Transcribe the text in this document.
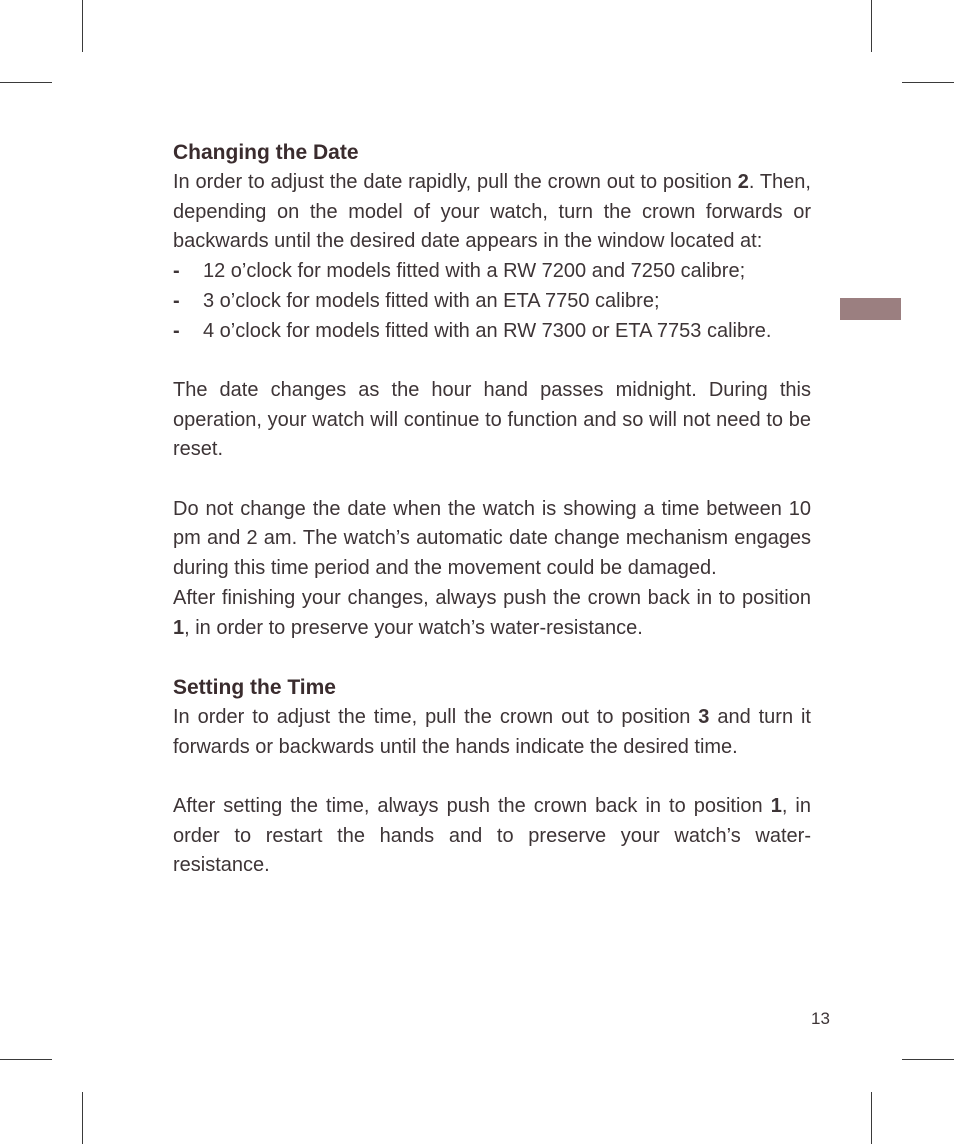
Changing the Date

In order to adjust the date rapidly, pull the crown out to position 2. Then, depending on the model of your watch, turn the crown forwards or backwards until the desired date appears in the window located at:

- 12 o’clock for models fitted with a RW 7200 and 7250 calibre;
- 3 o’clock for models fitted with an ETA 7750 calibre;
- 4 o’clock for models fitted with an RW 7300 or ETA 7753 calibre.

The date changes as the hour hand passes midnight. During this operation, your watch will continue to function and so will not need to be reset.

Do not change the date when the watch is showing a time between 10 pm and 2 am. The watch’s automatic date change mechanism engages during this time period and the movement could be damaged.

After finishing your changes, always push the crown back in to position 1, in order to preserve your watch’s water-resistance.

Setting the Time

In order to adjust the time, pull the crown out to position 3 and turn it forwards or backwards until the hands indicate the desired time.

After setting the time, always push the crown back in to position 1, in order to restart the hands and to preserve your watch’s water-resistance.

13
